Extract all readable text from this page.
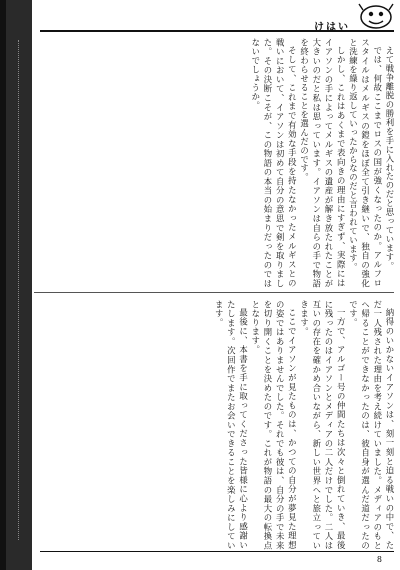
けはい

えて戦争離脱の勝利を手に入れたのだと思っています。

では、何故ここまでロスの国が強くなったのか。アルフロスタイルはメルギスの鎧をほぼ全て引き継いで、独自の強化と洗練を繰り返していったからなのだと言われています。

しかし、これはあくまで表向きの理由にすぎず、実際にはイアソンの手によってメルギスの遺産が解き放たれたことが大きいのだと私は思っています。イアソンは自らの手で物語を終わらせることを選んだのです。

そして、これまで有効な手段を持たなかったメルギスとの戦いにおいて、イアソンは初めて自分の意思で剣を取りました。その決断こそが、この物語の本当の始まりだったのではないでしょうか。

納得のいかないイアソンは、刻一刻と迫る戦いの中で、ただ一人残された理由を考え続けていました。メディアのもとへ帰ることができなかったのは、彼自身が選んだ道だったのです。

一方で、アルゴー号の仲間たちは次々と倒れていき、最後に残ったのはイアソンとメディアの二人だけでした。二人は互いの存在を確かめ合いながら、新しい世界へと旅立っていきます。

ここでイアソンが見たものは、かつての自分が夢見た理想の姿ではありませんでした。それでも彼は、自分の手で未来を切り開くことを決めたのです。これが物語の最大の転換点となります。

最後に、本書を手に取ってくださった皆様に心より感謝いたします。次回作でまたお会いできることを楽しみにしています。

8
